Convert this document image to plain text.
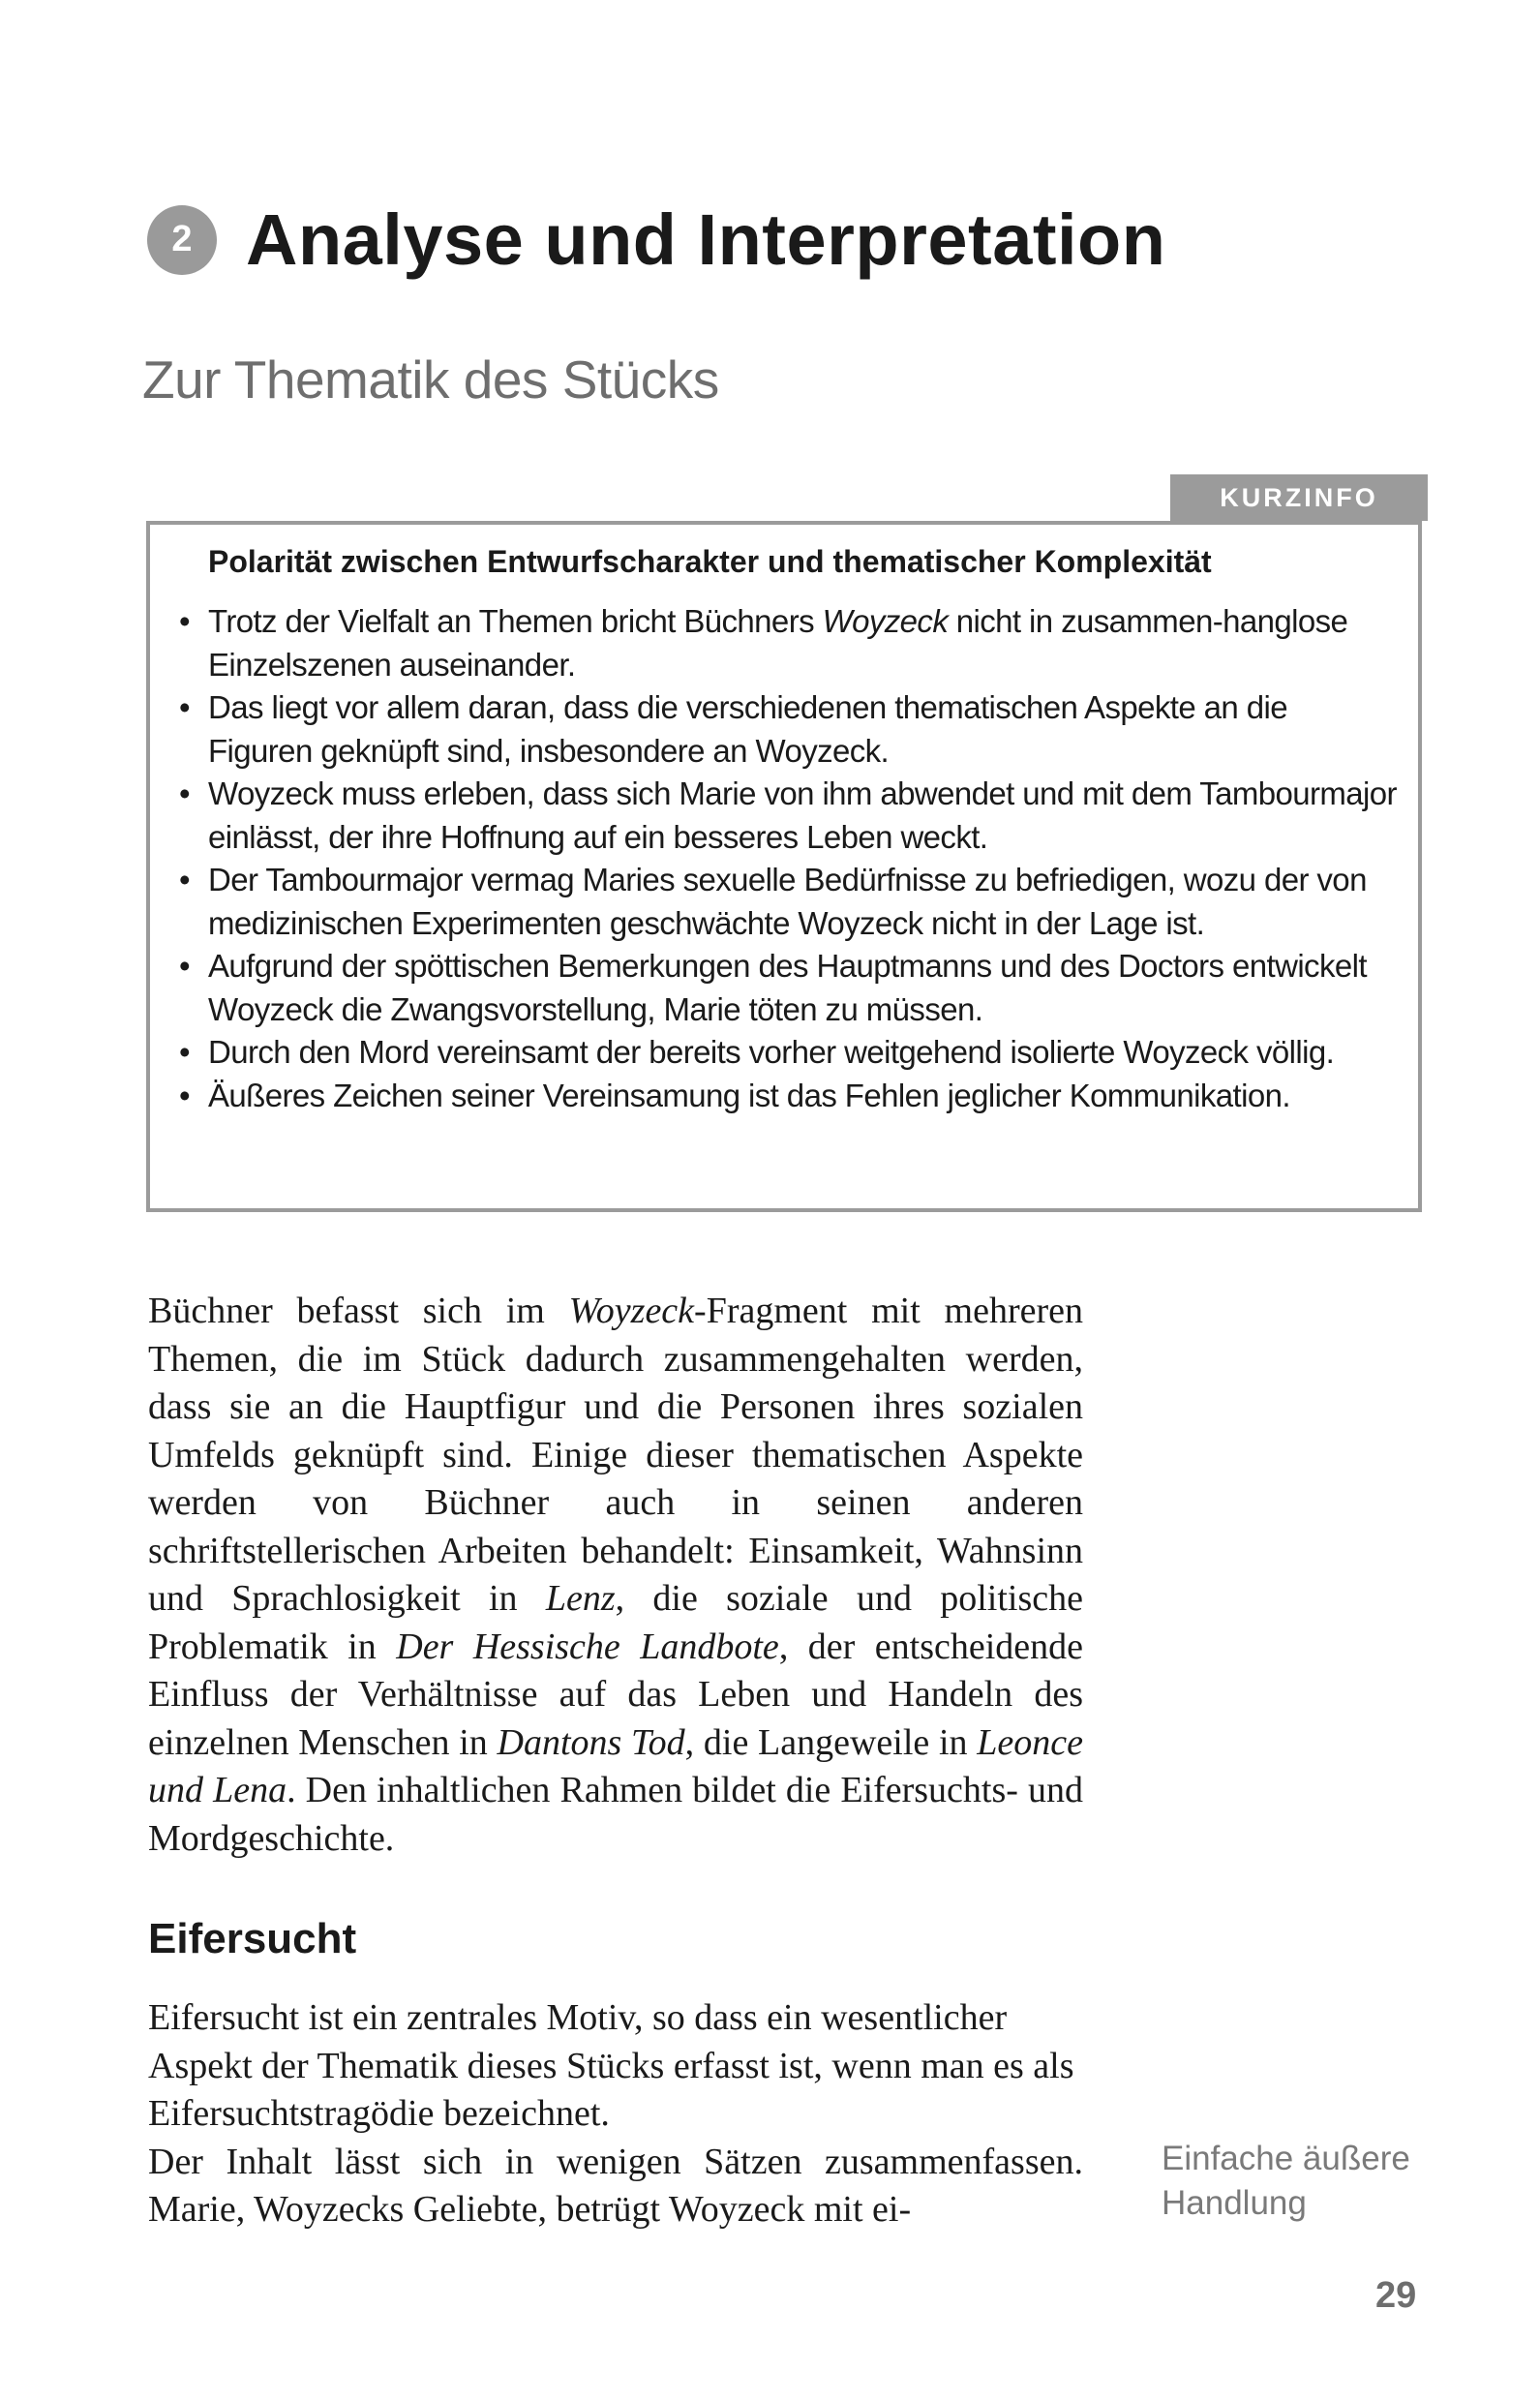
2 Analyse und Interpretation
Zur Thematik des Stücks
KURZINFO
Polarität zwischen Entwurfscharakter und thematischer Komplexität
• Trotz der Vielfalt an Themen bricht Büchners Woyzeck nicht in zusammen-hanglose Einzelszenen auseinander.
• Das liegt vor allem daran, dass die verschiedenen thematischen Aspekte an die Figuren geknüpft sind, insbesondere an Woyzeck.
• Woyzeck muss erleben, dass sich Marie von ihm abwendet und mit dem Tambourmajor einlässt, der ihre Hoffnung auf ein besseres Leben weckt.
• Der Tambourmajor vermag Maries sexuelle Bedürfnisse zu befriedigen, wozu der von medizinischen Experimenten geschwächte Woyzeck nicht in der Lage ist.
• Aufgrund der spöttischen Bemerkungen des Hauptmanns und des Doctors entwickelt Woyzeck die Zwangsvorstellung, Marie töten zu müssen.
• Durch den Mord vereinsamt der bereits vorher weitgehend isolierte Woyzeck völlig.
• Äußeres Zeichen seiner Vereinsamung ist das Fehlen jeglicher Kommunikation.

Büchner befasst sich im Woyzeck-Fragment mit mehreren Themen, die im Stück dadurch zusammengehalten werden, dass sie an die Hauptfigur und die Personen ihres sozialen Umfelds geknüpft sind. Einige dieser thematischen Aspekte werden von Büchner auch in seinen anderen schriftstellerischen Arbeiten behandelt: Einsamkeit, Wahnsinn und Sprachlosigkeit in Lenz, die soziale und politische Problematik in Der Hessische Landbote, der entscheidende Einfluss der Verhältnisse auf das Leben und Handeln des einzelnen Menschen in Dantons Tod, die Langeweile in Leonce und Lena. Den inhaltlichen Rahmen bildet die Eifersuchts- und Mordgeschichte.

Eifersucht

Eifersucht ist ein zentrales Motiv, so dass ein wesentlicher Aspekt der Thematik dieses Stücks erfasst ist, wenn man es als Eifersuchtstragödie bezeichnet.

Der Inhalt lässt sich in wenigen Sätzen zusammenfassen. Marie, Woyzecks Geliebte, betrügt Woyzeck mit ei-

Einfache äußere
Handlung
29
